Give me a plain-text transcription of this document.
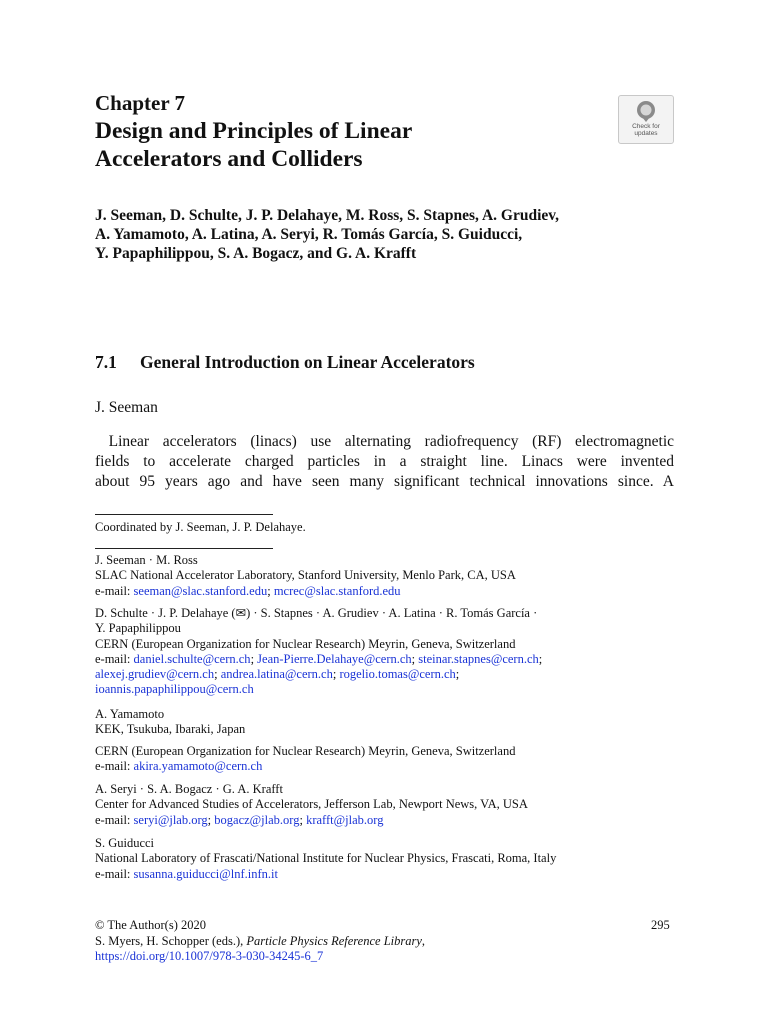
Chapter 7
Design and Principles of Linear
Accelerators and Colliders
Check for
updates
J. Seeman, D. Schulte, J. P. Delahaye, M. Ross, S. Stapnes, A. Grudiev,
A. Yamamoto, A. Latina, A. Seryi, R. Tomás García, S. Guiducci,
Y. Papaphilippou, S. A. Bogacz, and G. A. Krafft
7.1 General Introduction on Linear Accelerators
J. Seeman
Linear accelerators (linacs) use alternating radiofrequency (RF) electromagnetic
fields to accelerate charged particles in a straight line. Linacs were invented
about 95 years ago and have seen many significant technical innovations since. A
Coordinated by J. Seeman, J. P. Delahaye.
J. Seeman · M. Ross
SLAC National Accelerator Laboratory, Stanford University, Menlo Park, CA, USA
e-mail: seeman@slac.stanford.edu; mcrec@slac.stanford.edu
D. Schulte · J. P. Delahaye (✉) · S. Stapnes · A. Grudiev · A. Latina · R. Tomás García ·
Y. Papaphilippou
CERN (European Organization for Nuclear Research) Meyrin, Geneva, Switzerland
e-mail: daniel.schulte@cern.ch; Jean-Pierre.Delahaye@cern.ch; steinar.stapnes@cern.ch;
alexej.grudiev@cern.ch; andrea.latina@cern.ch; rogelio.tomas@cern.ch;
ioannis.papaphilippou@cern.ch
A. Yamamoto
KEK, Tsukuba, Ibaraki, Japan
CERN (European Organization for Nuclear Research) Meyrin, Geneva, Switzerland
e-mail: akira.yamamoto@cern.ch
A. Seryi · S. A. Bogacz · G. A. Krafft
Center for Advanced Studies of Accelerators, Jefferson Lab, Newport News, VA, USA
e-mail: seryi@jlab.org; bogacz@jlab.org; krafft@jlab.org
S. Guiducci
National Laboratory of Frascati/National Institute for Nuclear Physics, Frascati, Roma, Italy
e-mail: susanna.guiducci@lnf.infn.it
© The Author(s) 2020
S. Myers, H. Schopper (eds.), Particle Physics Reference Library,
https://doi.org/10.1007/978-3-030-34245-6_7
295
